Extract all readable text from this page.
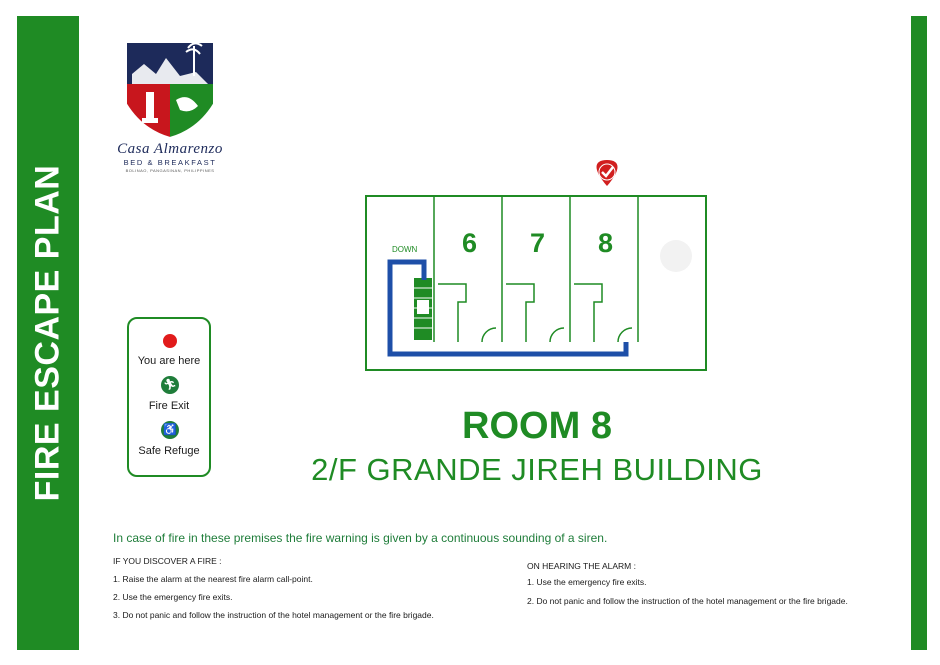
FIRE ESCAPE PLAN
Casa Almarenzo
BED & BREAKFAST
BOLINAO, PANGASINAN, PHILIPPINES
You are here
🏃︎
Fire Exit
♿
Safe Refuge
DOWN 6 7 8
ROOM 8
2/F GRANDE JIREH BUILDING
In case of fire in these premises the fire warning is given by a continuous sounding of a siren.
IF YOU DISCOVER A FIRE :
1. Raise the alarm at the nearest fire alarm call-point.
2. Use the emergency fire exits.
3. Do not panic and follow the instruction of the hotel management or the fire brigade.
ON HEARING THE ALARM :
1. Use the emergency fire exits.
2. Do not panic and follow the instruction of the hotel management or the fire brigade.
